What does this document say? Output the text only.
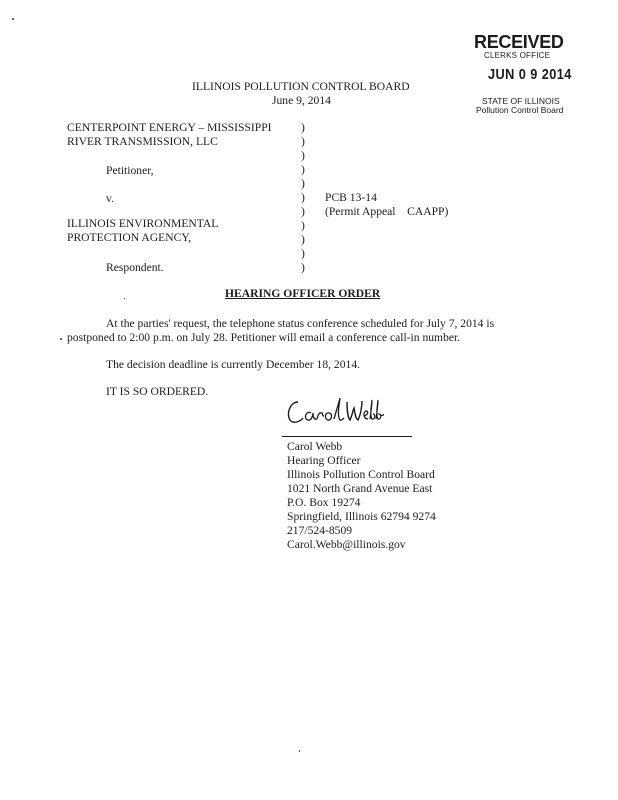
RECEIVED
CLERKS OFFICE
JUN 0 9 2014
STATE OF ILLINOIS
Pollution Control Board
ILLINOIS POLLUTION CONTROL BOARD
June 9, 2014
CENTERPOINT ENERGY – MISSISSIPPI
RIVER TRANSMISSION, LLC
Petitioner,
v.
ILLINOIS ENVIRONMENTAL
PROTECTION AGENCY,
Respondent.
)
)
)
)
)
)
)
)
)
)
)
PCB 13-14
(Permit Appeal    CAAPP)
HEARING OFFICER ORDER
At the parties' request, the telephone status conference scheduled for July 7, 2014 is
postponed to 2:00 p.m. on July 28. Petitioner will email a conference call-in number.
The decision deadline is currently December 18, 2014.
IT IS SO ORDERED.
Carol Webb
Hearing Officer
Illinois Pollution Control Board
1021 North Grand Avenue East
P.O. Box 19274
Springfield, Illinois 62794 9274
217/524-8509
Carol.Webb@illinois.gov
